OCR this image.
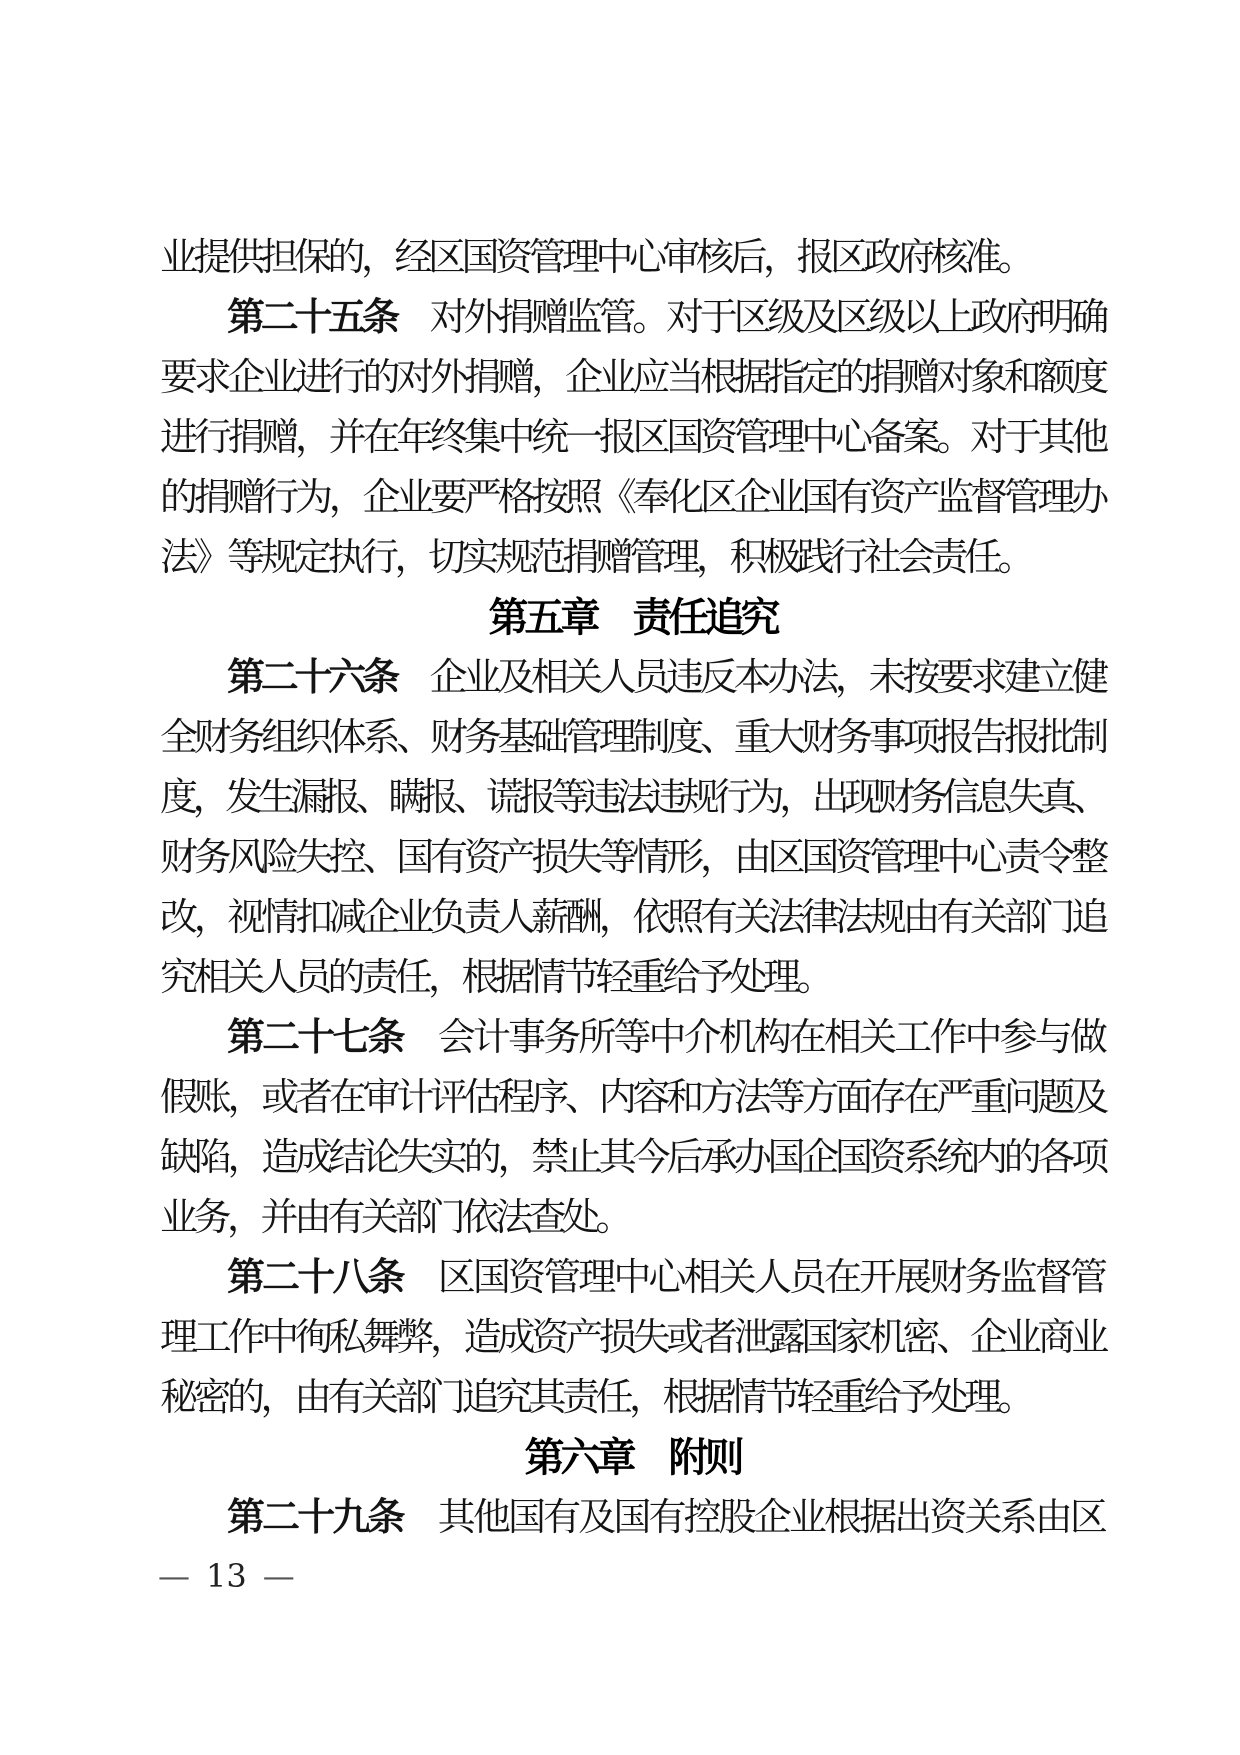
业提供担保的，经区国资管理中心审核后，报区政府核准。
第二十五条　 对外捐赠监管。对于区级及区级以上政府明确
要求企业进行的对外捐赠，企业应当根据指定的捐赠对象和额度
进行捐赠，并在年终集中统一报区国资管理中心备案。对于其他
的捐赠行为，企业要严格按照《奉化区企业国有资产监督管理办
法》等规定执行，切实规范捐赠管理，积极践行社会责任。
第五章　 责任追究
第二十六条　 企业及相关人员违反本办法，未按要求建立健
全财务组织体系、财务基础管理制度、重大财务事项报告报批制
度，发生漏报、瞒报、谎报等违法违规行为，出现财务信息失真、
财务风险失控、国有资产损失等情形，由区国资管理中心责令整
改，视情扣减企业负责人薪酬，依照有关法律法规由有关部门追
究相关人员的责任，根据情节轻重给予处理。
第二十七条　 会计事务所等中介机构在相关工作中参与做
假账，或者在审计评估程序、内容和方法等方面存在严重问题及
缺陷，造成结论失实的，禁止其今后承办国企国资系统内的各项
业务，并由有关部门依法查处。
第二十八条　 区国资管理中心相关人员在开展财务监督管
理工作中徇私舞弊，造成资产损失或者泄露国家机密、企业商业
秘密的，由有关部门追究其责任，根据情节轻重给予处理。
第六章　 附则
第二十九条　 其他国有及国有控股企业根据出资关系由区
— 13 —
